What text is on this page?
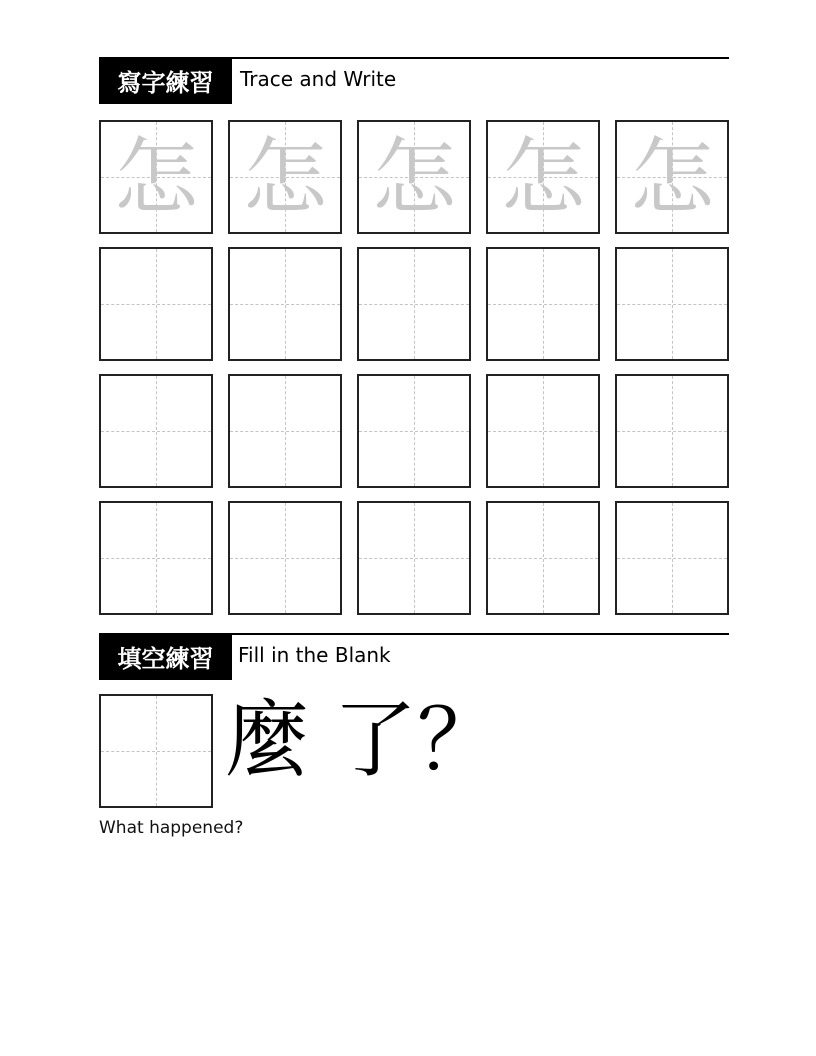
寫字練習	Trace and Write
怎 怎 怎 怎 怎
填空練習	Fill in the Blank
麼 了 ？
What happened?
